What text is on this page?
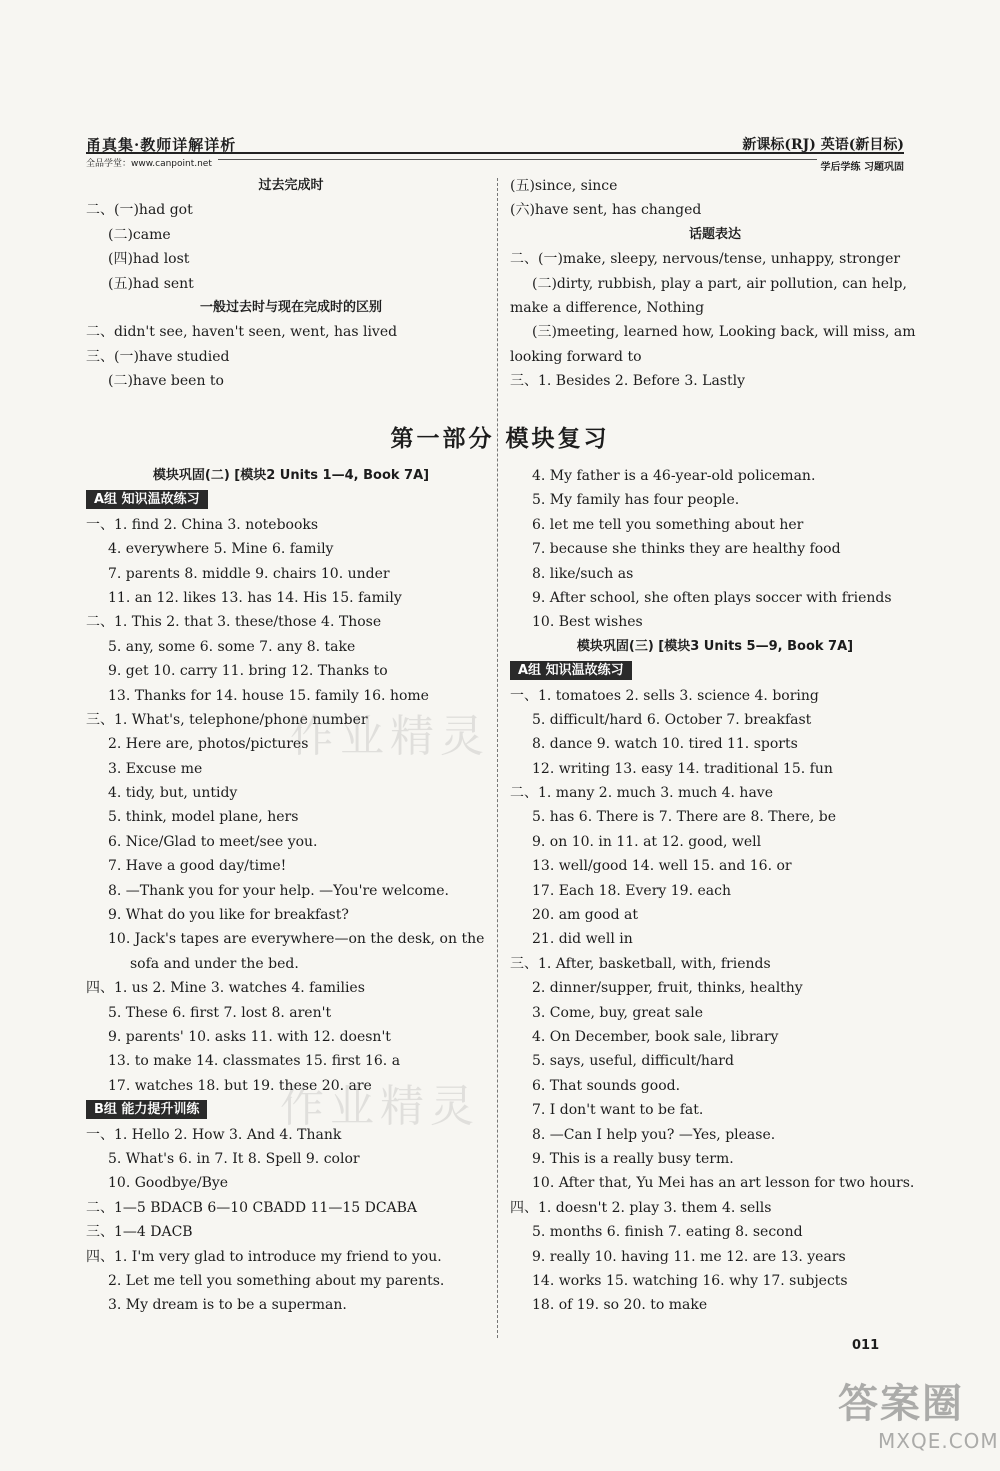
甬真集·教师详解详析	新课标(RJ) 英语(新目标)
全品学堂：www.canpoint.net	学后学练 习题巩固

过去完成时

二、(一)had got

(二)came

(四)had lost

(五)had sent

一般过去时与现在完成时的区别

二、didn't see, haven't seen, went, has lived

三、(一)have studied

(二)have been to

(五)since, since

(六)have sent, has changed

话题表达

二、(一)make, sleepy, nervous/tense, unhappy, stronger

(二)dirty, rubbish, play a part, air pollution, can help,

make a difference, Nothing

(三)meeting, learned how, Looking back, will miss, am

looking forward to

三、1. Besides 2. Before 3. Lastly

第一部分 模块复习

模块巩固(二) [模块2 Units 1—4, Book 7A]

A组 知识温故练习

一、1. find 2. China 3. notebooks

4. everywhere 5. Mine 6. family

7. parents 8. middle 9. chairs 10. under

11. an 12. likes 13. has 14. His 15. family

二、1. This 2. that 3. these/those 4. Those

5. any, some 6. some 7. any 8. take

9. get 10. carry 11. bring 12. Thanks to

13. Thanks for 14. house 15. family 16. home

三、1. What's, telephone/phone number

2. Here are, photos/pictures

3. Excuse me

4. tidy, but, untidy

5. think, model plane, hers

6. Nice/Glad to meet/see you.

7. Have a good day/time!

8. —Thank you for your help. —You're welcome.

9. What do you like for breakfast?

10. Jack's tapes are everywhere—on the desk, on the

sofa and under the bed.

四、1. us 2. Mine 3. watches 4. families

5. These 6. first 7. lost 8. aren't

9. parents' 10. asks 11. with 12. doesn't

13. to make 14. classmates 15. first 16. a

17. watches 18. but 19. these 20. are

B组 能力提升训练

一、1. Hello 2. How 3. And 4. Thank

5. What's 6. in 7. It 8. Spell 9. color

10. Goodbye/Bye

二、1—5 BDACB 6—10 CBADD 11—15 DCABA

三、1—4 DACB

四、1. I'm very glad to introduce my friend to you.

2. Let me tell you something about my parents.

3. My dream is to be a superman.

4. My father is a 46-year-old policeman.

5. My family has four people.

6. let me tell you something about her

7. because she thinks they are healthy food

8. like/such as

9. After school, she often plays soccer with friends

10. Best wishes

模块巩固(三) [模块3 Units 5—9, Book 7A]

A组 知识温故练习

一、1. tomatoes 2. sells 3. science 4. boring

5. difficult/hard 6. October 7. breakfast

8. dance 9. watch 10. tired 11. sports

12. writing 13. easy 14. traditional 15. fun

二、1. many 2. much 3. much 4. have

5. has 6. There is 7. There are 8. There, be

9. on 10. in 11. at 12. good, well

13. well/good 14. well 15. and 16. or

17. Each 18. Every 19. each

20. am good at

21. did well in

三、1. After, basketball, with, friends

2. dinner/supper, fruit, thinks, healthy

3. Come, buy, great sale

4. On December, book sale, library

5. says, useful, difficult/hard

6. That sounds good.

7. I don't want to be fat.

8. —Can I help you? —Yes, please.

9. This is a really busy term.

10. After that, Yu Mei has an art lesson for two hours.

四、1. doesn't 2. play 3. them 4. sells

5. months 6. finish 7. eating 8. second

9. really 10. having 11. me 12. are 13. years

14. works 15. watching 16. why 17. subjects

18. of 19. so 20. to make

作业精灵
作业精灵
011
答案圈
MXQE.COM
